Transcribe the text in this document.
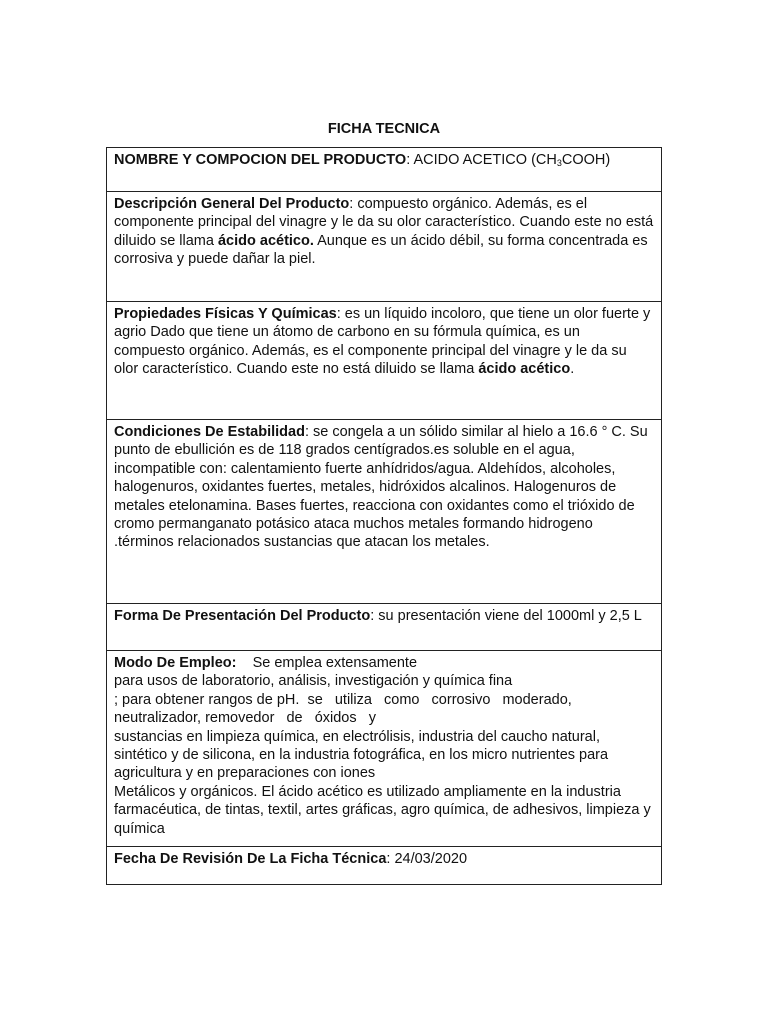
FICHA TECNICA
NOMBRE Y COMPOCION DEL PRODUCTO: ACIDO ACETICO $(CH_3COOH)$
Descripción General Del Producto: compuesto orgánico. Además, es el componente principal del vinagre y le da su olor característico. Cuando este no está diluido se llama ácido acético. Aunque es un ácido débil, su forma concentrada es corrosiva y puede dañar la piel.
Propiedades Físicas Y Químicas: es un líquido incoloro, que tiene un olor fuerte y agrio Dado que tiene un átomo de carbono en su fórmula química, es un compuesto orgánico. Además, es el componente principal del vinagre y le da su olor característico. Cuando este no está diluido se llama ácido acético.
Condiciones De Estabilidad: se congela a un sólido similar al hielo a 16.6 ° C. Su punto de ebullición es de 118 grados centígrados.es soluble en el agua, incompatible con: calentamiento fuerte anhídridos/agua. Aldehídos, alcoholes, halogenuros, oxidantes fuertes, metales, hidróxidos alcalinos. Halogenuros de metales etelonamina. Bases fuertes, reacciona con oxidantes como el trióxido de cromo permanganato potásico ataca muchos metales formando hidrogeno .términos relacionados sustancias que atacan los metales.
Forma De Presentación Del Producto: su presentación viene del 1000ml y 2,5 L

Modo De Empleo:    Se emplea extensamente

para usos de laboratorio, análisis, investigación y química fina

; para obtener rangos de pH.  se   utiliza   como   corrosivo   moderado, neutralizador, removedor   de   óxidos   y

sustancias en limpieza química, en electrólisis, industria del caucho natural, sintético y de silicona, en la industria fotográfica, en los micro nutrientes para agricultura y en preparaciones con iones

Metálicos y orgánicos. El ácido acético es utilizado ampliamente en la industria farmacéutica, de tintas, textil, artes gráficas, agro química, de adhesivos, limpieza y química

Fecha De Revisión De La Ficha Técnica: 24/03/2020
